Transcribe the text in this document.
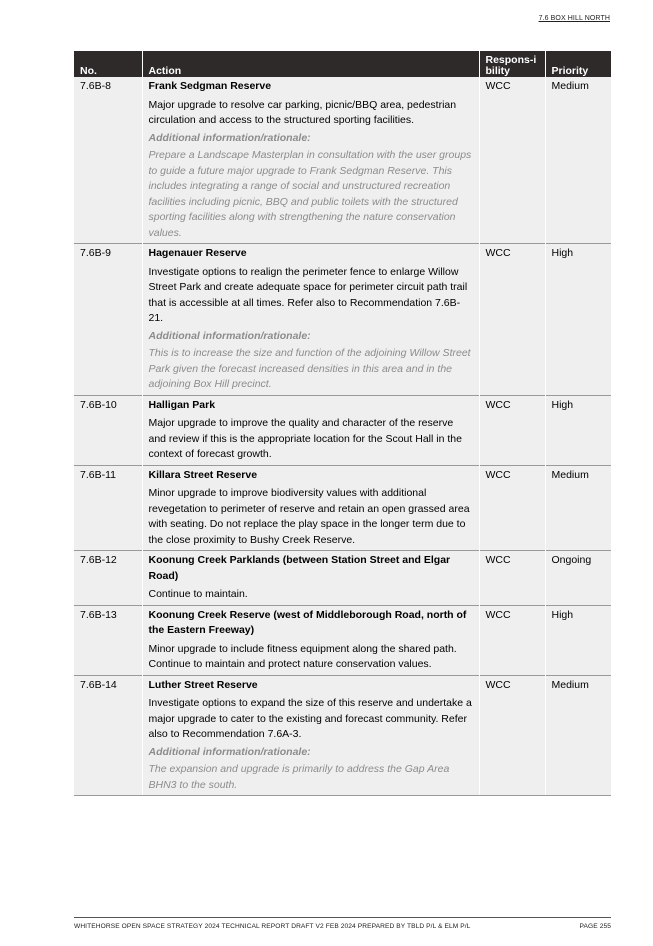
7.6 BOX HILL NORTH
No.	Action	Respons-ibility	Priority
7.6B-8	Frank Sedgman Reserve
Major upgrade to resolve car parking, picnic/BBQ area, pedestrian circulation and access to the structured sporting facilities.
Additional information/rationale:
Prepare a Landscape Masterplan in consultation with the user groups to guide a future major upgrade to Frank Sedgman Reserve. This includes integrating a range of social and unstructured recreation facilities including picnic, BBQ and public toilets with the structured sporting facilities along with strengthening the nature conservation values.	WCC	Medium
7.6B-9	Hagenauer Reserve
Investigate options to realign the perimeter fence to enlarge Willow Street Park and create adequate space for perimeter circuit path trail that is accessible at all times. Refer also to Recommendation 7.6B-21.
Additional information/rationale:
This is to increase the size and function of the adjoining Willow Street Park given the forecast increased densities in this area and in the adjoining Box Hill precinct.	WCC	High
7.6B-10	Halligan Park
Major upgrade to improve the quality and character of the reserve and review if this is the appropriate location for the Scout Hall in the context of forecast growth.	WCC	High
7.6B-11	Killara Street Reserve
Minor upgrade to improve biodiversity values with additional revegetation to perimeter of reserve and retain an open grassed area with seating. Do not replace the play space in the longer term due to the close proximity to Bushy Creek Reserve.	WCC	Medium
7.6B-12	Koonung Creek Parklands (between Station Street and Elgar Road)
Continue to maintain.	WCC	Ongoing
7.6B-13	Koonung Creek Reserve (west of Middleborough Road, north of the Eastern Freeway)
Minor upgrade to include fitness equipment along the shared path. Continue to maintain and protect nature conservation values.	WCC	High
7.6B-14	Luther Street Reserve
Investigate options to expand the size of this reserve and undertake a major upgrade to cater to the existing and forecast community. Refer also to Recommendation 7.6A-3.
Additional information/rationale:
The expansion and upgrade is primarily to address the Gap Area BHN3 to the south.	WCC	Medium
WHITEHORSE OPEN SPACE STRATEGY 2024 TECHNICAL REPORT DRAFT V2 FEB 2024 PREPARED BY TBLD P/L & ELM P/L	PAGE 255
